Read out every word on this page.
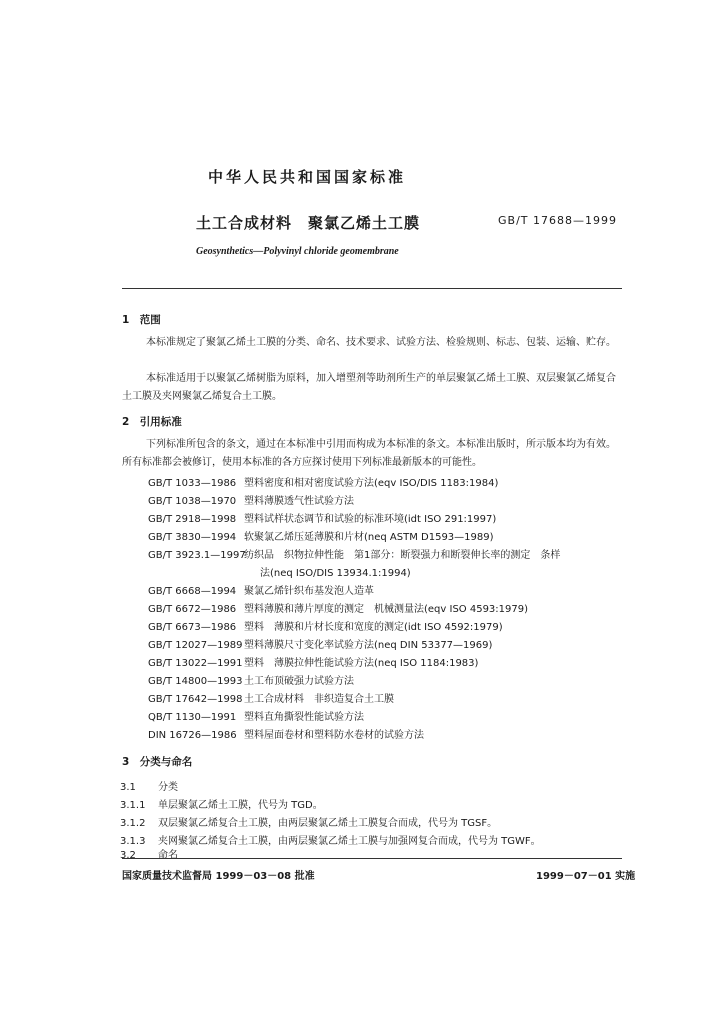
中华人民共和国国家标准
土工合成材料　聚氯乙烯土工膜	GB/T 17688—1999
Geosynthetics—Polyvinyl chloride geomembrane
1　范围
本标准规定了聚氯乙烯土工膜的分类、命名、技术要求、试验方法、检验规则、标志、包装、运输、贮存。
本标准适用于以聚氯乙烯树脂为原料，加入增塑剂等助剂所生产的单层聚氯乙烯土工膜、双层聚氯乙烯复合土工膜及夹网聚氯乙烯复合土工膜。
2　引用标准
下列标准所包含的条文，通过在本标准中引用而构成为本标准的条文。本标准出版时，所示版本均为有效。所有标准都会被修订，使用本标准的各方应探讨使用下列标准最新版本的可能性。
GB/T 1033—1986 塑料密度和相对密度试验方法(eqv ISO/DIS 1183:1984)
GB/T 1038—1970 塑料薄膜透气性试验方法
GB/T 2918—1998 塑料试样状态调节和试验的标准环境(idt ISO 291:1997)
GB/T 3830—1994 软聚氯乙烯压延薄膜和片材(neq ASTM D1593—1989)
GB/T 3923.1—1997纺织品　织物拉伸性能　第1部分：断裂强力和断裂伸长率的测定　条样
法(neq ISO/DIS 13934.1:1994)
GB/T 6668—1994 聚氯乙烯针织布基发泡人造革
GB/T 6672—1986 塑料薄膜和薄片厚度的测定　机械测量法(eqv ISO 4593:1979)
GB/T 6673—1986 塑料　薄膜和片材长度和宽度的测定(idt ISO 4592:1979)
GB/T 12027—1989塑料薄膜尺寸变化率试验方法(neq DIN 53377—1969)
GB/T 13022—1991塑料　薄膜拉伸性能试验方法(neq ISO 1184:1983)
GB/T 14800—1993土工布顶破强力试验方法
GB/T 17642—1998土工合成材料　非织造复合土工膜
QB/T 1130—1991 塑料直角撕裂性能试验方法
DIN 16726—1986 塑料屋面卷材和塑料防水卷材的试验方法
3　分类与命名
3.1 分类
3.1.1 单层聚氯乙烯土工膜，代号为 TGD。
3.1.2 双层聚氯乙烯复合土工膜，由两层聚氯乙烯土工膜复合而成，代号为 TGSF。
3.1.3 夹网聚氯乙烯复合土工膜，由两层聚氯乙烯土工膜与加强网复合而成，代号为 TGWF。
3.2 命名
国家质量技术监督局 1999－03－08 批准	1999－07－01 实施
